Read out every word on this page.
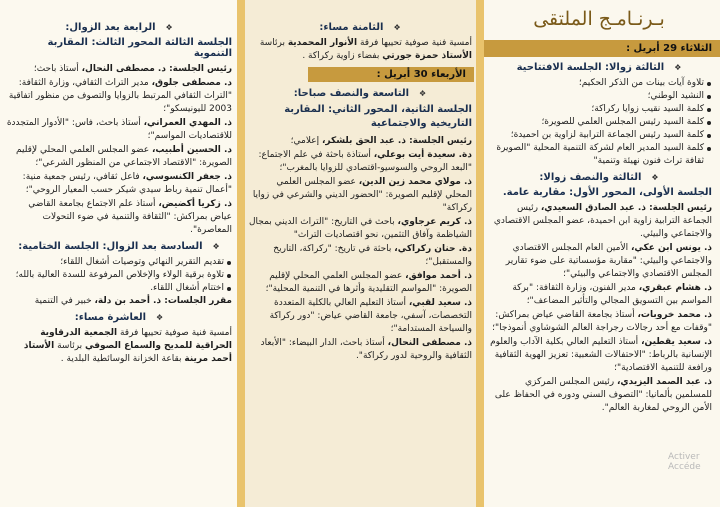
بـرنـامـج الملتقى
الثلاثاء 29 أبريل :
❖
الثالثة زوالا: الجلسة الافتتاحية
تلاوة آيات بينات من الذكر الحكيم؛
النشيد الوطني؛
كلمة السيد نقيب زوايا ركراكة؛
كلمة السيد رئيس المجلس العلمي للصويرة؛
كلمة السيد رئيس الجماعة الترابية لزاوية بن احميدة؛
كلمة السيد المدير العام لشركة التنمية المحلية "الصويرة ثقافة تراث فنون نهيئة وتنمية"
❖
الثالثة والنصف زوالا:
الجلسة الأولى، المحور الأول: مقاربة عامة.

رئيس الجلسة: ذ. عبد الصادق السعيدي، رئيس الجماعة الترابية زاوية ابن احميدة، عضو المجلس الاقتصادي والاجتماعي والبيئي.

ذ. يونس ابن عكي، الأمين العام المجلس الاقتصادي والاجتماعي والبيئي: "مقاربة مؤسساتية على ضوء تقارير المجلس الاقتصادي والاجتماعي والبيئي"؛

ذ. هشام عبقري، مدير الفنون، وزارة الثقافة: "بركة المواسم بين التسويق المجالي والتأثير المضاعف"؛

ذ. محمد خروبات، أستاذ بجامعة القاضي عياض بمراكش: "وقفات مع أحد رجالات رجراجة العالم الشوشاوي أنموذجا"؛

ذ. سعيد يقطين، أستاذ التعليم العالي بكلية الآداب والعلوم الإنسانية بالرباط: "الاحتفالات الشعبية: تعزيز الهوية الثقافية ورافعة للتنمية الاقتصادية"؛

ذ. عبد الصمد اليزيدي، رئيس المجلس المركزي للمسلمين بألمانيا: "التصوف السني ودوره في الحفاظ على الأمن الروحي لمغاربة العالم".

❖
الثامنة مساء:

أمسية فنية صوفية تحييها فرقة الأنوار المحمدية برئاسة الأستاذ حمزة جورتي بفضاء زاوية ركراكة .

الأربعاء 30 أبريل :
❖
التاسعة والنصف صباحا:
الجلسة الثانية، المحور الثاني: المقاربة التاريخية والاجتماعية

رئيس الجلسة: ذ. عبد الحق بلشكر، إعلامي؛

دة. سعيدة أيت بوعلي، أستاذة باحثة في علم الاجتماع: "البعد الروحي والسوسيو-اقتصادي للزوايا بالمغرب"؛

ذ. مولاي محمد زين الدين، عضو المجلس العلمي المحلي لإقليم الصويرة: "الحضور الديني والشرعي في زوايا ركراكة"

ذ. كريم عرجاوي، باحث في التاريخ: "التراث الديني بمجال الشياظمة وآفاق التثمين، نحو اقتصاديات التراث"

دة. حنان ركراكي، باحثة في تاريخ: "ركراكة، التاريخ والمستقبل"؛

ذ. أحمد موافق، عضو المجلس العلمي المحلي لإقليم الصويرة: "المواسم التقليدية وأثرها في التنمية المحلية"؛

ذ. سعيد لقبي، أستاذ التعليم العالي بالكلية المتعددة التخصصات، آسفي، جامعة القاضي عياض: "دور ركراكة والسياحة المستدامة"؛

ذ. مصطفى النحال، أستاذ باحث، الدار البيضاء: "الأبعاد الثقافية والروحية لدور ركراكة".

❖
الرابعة بعد الزوال:
الجلسة الثالثة المحور الثالث: المقاربة التنموية

رئيس الجلسة: د. مصطفى النحال، أستاذ باحث؛

د. مصطفى جلوق، مدير التراث الثقافي، وزارة الثقافة: "التراث الثقافي المرتبط بالزوايا والتصوف من منظور اتفاقية 2003 لليونيسكو"؛

ذ. المهدي العمراني، أستاذ باحث، فاس: "الأدوار المتجددة للاقتصاديات المواسم"؛

د. الحسين أطبيب، عضو المجلس العلمي المحلي لإقليم الصويرة: "الاقتصاد الاجتماعي من المنظور الشرعي"؛

ذ. جعفر الكنسوسي، فاعل ثقافي، رئيس جمعية منية: "أعمال تنمية رباط سيدي شيكر حسب المعيار الروحي"؛

ذ. زكريا أكضيض، أستاذ علم الاجتماع بجامعة القاضي عياض بمراكش: "الثقافة والتنمية في ضوء التحولات المعاصرة".

❖
السادسة بعد الزوال: الجلسة الختامية:
تقديم التقرير النهائي وتوصيات أشغال اللقاء؛
تلاوة برقية الولاء والإخلاص المرفوعة للسدة العالية بالله؛
اختتام أشغال اللقاء.

مقرر الجلسات: ذ. أحمد بن دلة، خبير في التنمية

❖
العاشرة مساء:

أمسية فنية صوفية تحييها فرقة الجمعية الدرقاوية الحراقية للمديح والسماع الصوفي برئاسة الأستاذ أحمد مرينة بقاعة الخزانة الوسائطية البلدية .

Activer
Accéde
